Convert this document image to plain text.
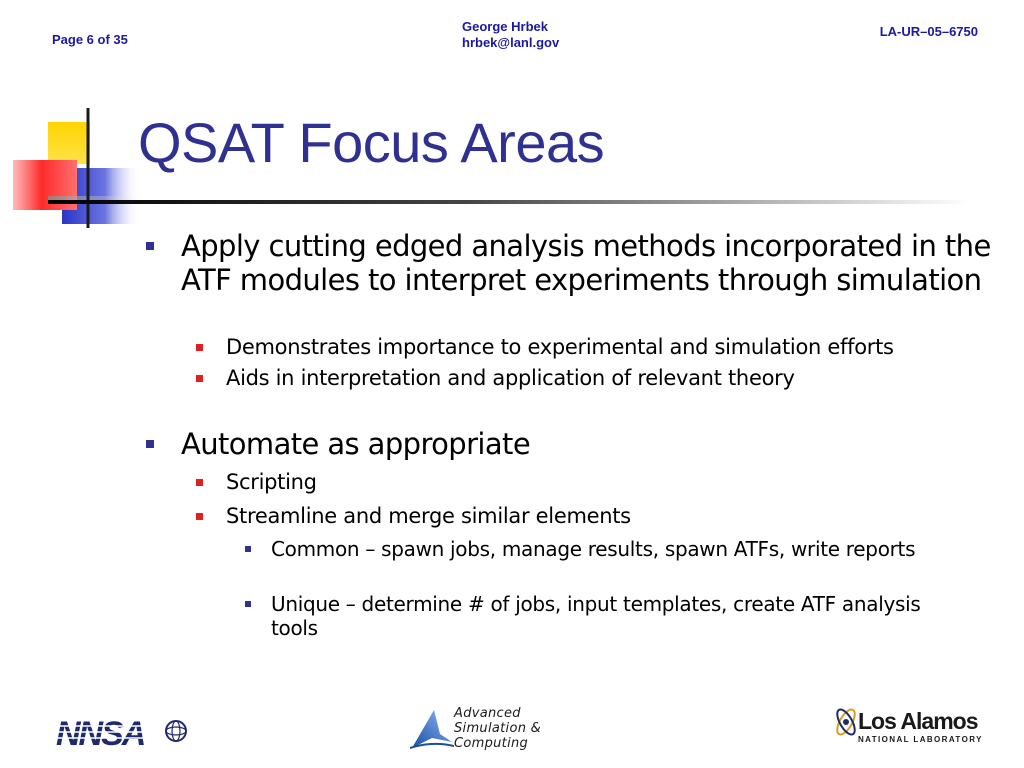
Page 6 of 35
George Hrbek
hrbek@lanl.gov
LA-UR–05–6750
QSAT Focus Areas
Apply cutting edged analysis methods incorporated in the ATF modules to interpret experiments through simulation
Demonstrates importance to experimental and simulation efforts
Aids in interpretation and application of relevant theory
Automate as appropriate
Scripting
Streamline and merge similar elements
Common – spawn jobs, manage results, spawn ATFs, write reports
Unique – determine # of jobs, input templates, create ATF analysis tools
NNSA
Advanced
Simulation &
Computing
Los Alamos
NATIONAL LABORATORY
